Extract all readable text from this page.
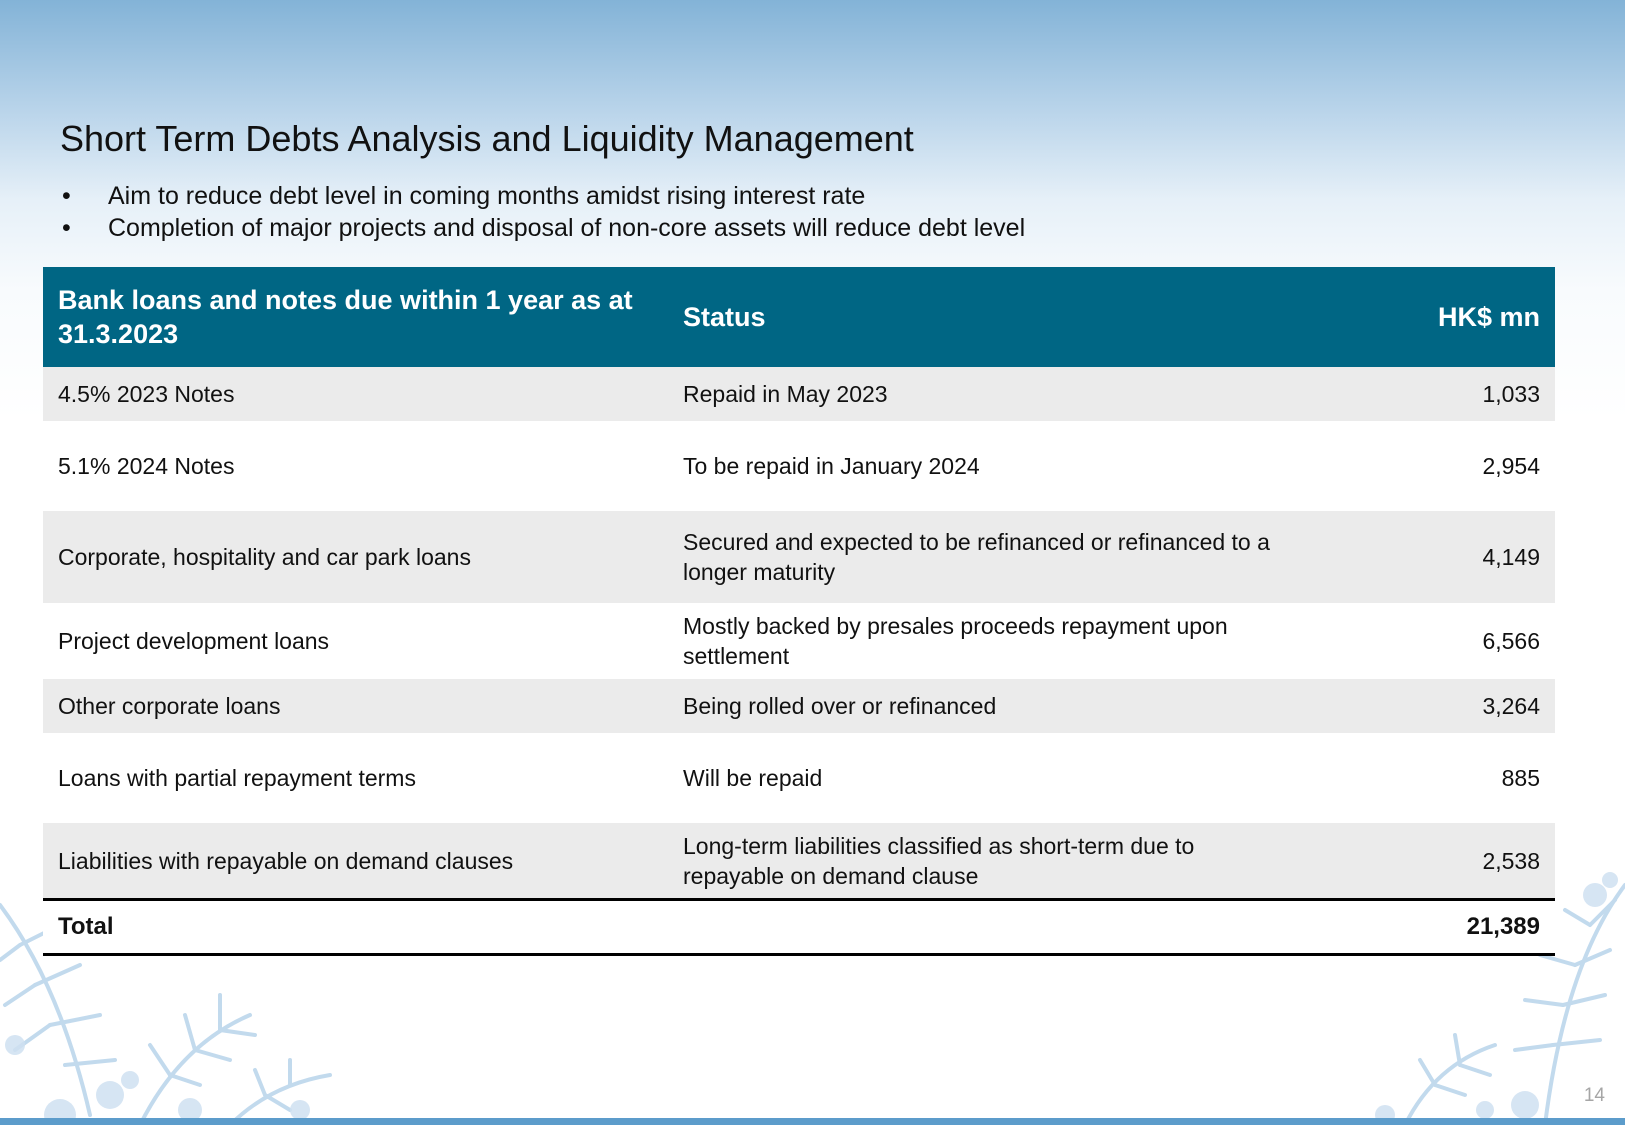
Short Term Debts Analysis and Liquidity Management
• Aim to reduce debt level in coming months amidst rising interest rate
• Completion of major projects and disposal of non-core assets will reduce debt level
Bank loans and notes due within 1 year as at 31.3.2023	Status	HK$ mn
4.5% 2023 Notes	Repaid in May 2023	1,033
5.1% 2024 Notes	To be repaid in January 2024	2,954
Corporate, hospitality and car park loans	Secured and expected to be refinanced or refinanced to a longer maturity	4,149
Project development loans	Mostly backed by presales proceeds repayment upon settlement	6,566
Other corporate loans	Being rolled over or refinanced	3,264
Loans with partial repayment terms	Will be repaid	885
Liabilities with repayable on demand clauses	Long-term liabilities classified as short-term due to repayable on demand clause	2,538
Total		21,389
14
